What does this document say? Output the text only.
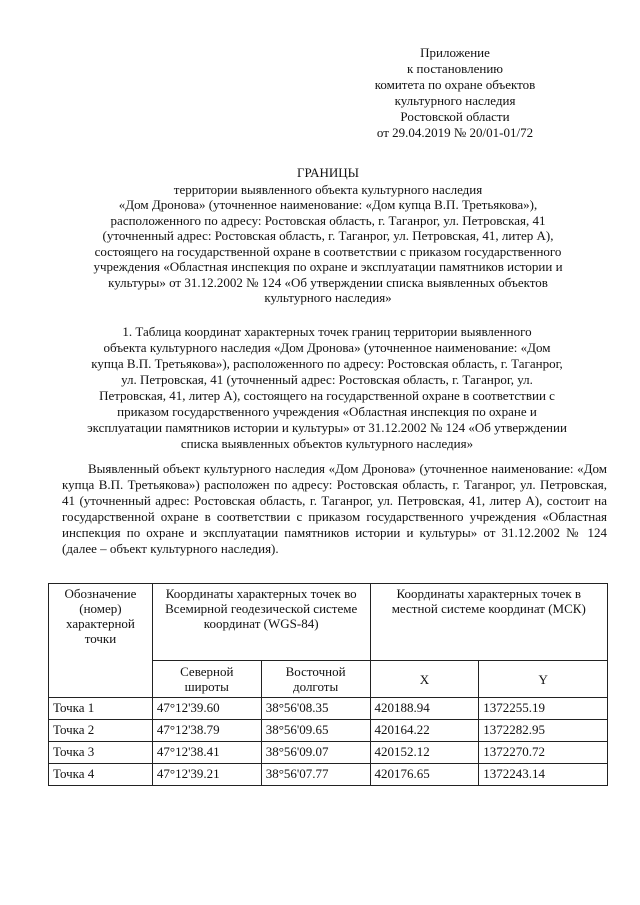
Приложение
к постановлению
комитета по охране объектов
культурного наследия
Ростовской области
от 29.04.2019 № 20/01-01/72
ГРАНИЦЫ
территории выявленного объекта культурного наследия
«Дом Дронова» (уточненное наименование: «Дом купца В.П. Третьякова»),
расположенного по адресу: Ростовская область, г. Таганрог, ул. Петровская, 41
(уточненный адрес: Ростовская область, г. Таганрог, ул. Петровская, 41, литер А),
состоящего на государственной охране в соответствии с приказом государственного
учреждения «Областная инспекция по охране и эксплуатации памятников истории и
культуры» от 31.12.2002 № 124 «Об утверждении списка выявленных объектов
культурного наследия»
1. Таблица координат характерных точек границ территории выявленного
объекта культурного наследия «Дом Дронова» (уточненное наименование: «Дом
купца В.П. Третьякова»), расположенного по адресу: Ростовская область, г. Таганрог,
ул. Петровская, 41 (уточненный адрес: Ростовская область, г. Таганрог, ул.
Петровская, 41, литер А), состоящего на государственной охране в соответствии с
приказом государственного учреждения «Областная инспекция по охране и
эксплуатации памятников истории и культуры» от 31.12.2002 № 124 «Об утверждении
списка выявленных объектов культурного наследия»
Выявленный объект культурного наследия «Дом Дронова» (уточненное наименование: «Дом купца В.П. Третьякова») расположен по адресу: Ростовская область, г. Таганрог, ул. Петровская, 41 (уточненный адрес: Ростовская область, г. Таганрог, ул. Петровская, 41, литер А), состоит на государственной охране в соответствии с приказом государственного учреждения «Областная инспекция по охране и эксплуатации памятников истории и культуры» от 31.12.2002 № 124 (далее – объект культурного наследия).
Обозначение (номер) характерной точки	Координаты характерных точек во Всемирной геодезической системе координат (WGS-84)		Координаты характерных точек в местной системе координат (МСК)	
	Северной широты	Восточной долготы	X	Y
Точка 1	47°12'39.60	38°56'08.35	420188.94	1372255.19
Точка 2	47°12'38.79	38°56'09.65	420164.22	1372282.95
Точка 3	47°12'38.41	38°56'09.07	420152.12	1372270.72
Точка 4	47°12'39.21	38°56'07.77	420176.65	1372243.14
